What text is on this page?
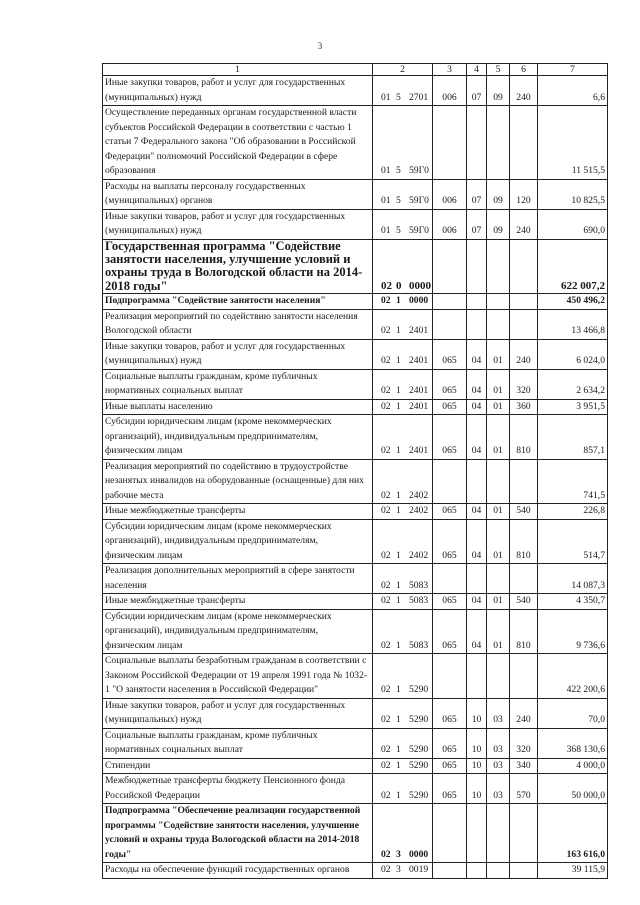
3
1	2	3	4	5	6	7
Иные закупки товаров, работ и услуг для государственных (муниципальных) нужд	01 5 2701	006	07	09	240	6,6
Осуществление переданных органам государственной власти субъектов Российской Федерации в соответствии с частью 1 статьи 7 Федерального закона "Об образовании в Российской Федерации" полномочий Российской Федерации в сфере образования	01 5 59Г0					11 515,5
Расходы на выплаты персоналу государственных (муниципальных) органов	01 5 59Г0	006	07	09	120	10 825,5
Иные закупки товаров, работ и услуг для государственных (муниципальных) нужд	01 5 59Г0	006	07	09	240	690,0
Государственная программа "Содействие занятости населения, улучшение условий и охраны труда в Вологодской области на 2014-2018 годы"	02 0 0000					622 007,2
Подпрограмма "Содействие занятости населения"	02 1 0000					450 496,2
Реализация мероприятий по содействию занятости населения Вологодской области	02 1 2401					13 466,8
Иные закупки товаров, работ и услуг для государственных (муниципальных) нужд	02 1 2401	065	04	01	240	6 024,0
Социальные выплаты гражданам, кроме публичных нормативных социальных выплат	02 1 2401	065	04	01	320	2 634,2
Иные выплаты населению	02 1 2401	065	04	01	360	3 951,5
Субсидии юридическим лицам (кроме некоммерческих организаций), индивидуальным предпринимателям, физическим лицам	02 1 2401	065	04	01	810	857,1
Реализация мероприятий по содействию в трудоустройстве незанятых инвалидов на оборудованные (оснащенные) для них рабочие места	02 1 2402					741,5
Иные межбюджетные трансферты	02 1 2402	065	04	01	540	226,8
Субсидии юридическим лицам (кроме некоммерческих организаций), индивидуальным предпринимателям, физическим лицам	02 1 2402	065	04	01	810	514,7
Реализация дополнительных мероприятий в сфере занятости населения	02 1 5083					14 087,3
Иные межбюджетные трансферты	02 1 5083	065	04	01	540	4 350,7
Субсидии юридическим лицам (кроме некоммерческих организаций), индивидуальным предпринимателям, физическим лицам	02 1 5083	065	04	01	810	9 736,6
Социальные выплаты безработным гражданам в соответствии с Законом Российской Федерации от 19 апреля 1991 года № 1032-1 "О занятости населения в Российской Федерации"	02 1 5290					422 200,6
Иные закупки товаров, работ и услуг для государственных (муниципальных) нужд	02 1 5290	065	10	03	240	70,0
Социальные выплаты гражданам, кроме публичных нормативных социальных выплат	02 1 5290	065	10	03	320	368 130,6
Стипендии	02 1 5290	065	10	03	340	4 000,0
Межбюджетные трансферты бюджету Пенсионного фонда Российской Федерации	02 1 5290	065	10	03	570	50 000,0
Подпрограмма "Обеспечение реализации государственной программы "Содействие занятости населения, улучшение условий и охраны труда Вологодской области на 2014-2018 годы"	02 3 0000					163 616,0
Расходы на обеспечение функций государственных органов	02 3 0019					39 115,9
